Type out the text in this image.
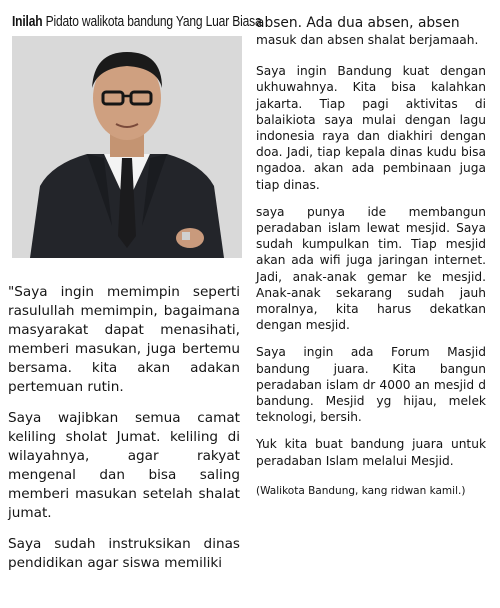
Inilah Pidato walikota bandung Yang Luar Biasa

"Saya ingin memimpin seperti rasulullah memimpin, bagaimana masyarakat dapat menasihati, memberi masukan, juga bertemu bersama. kita akan adakan pertemuan rutin.

Saya wajibkan semua camat keliling sholat Jumat. keliling di wilayahnya, agar rakyat mengenal dan bisa saling memberi masukan setelah shalat jumat.

Saya sudah instruksikan dinas pendidikan agar siswa memiliki

absen. Ada dua absen, absen

masuk dan absen shalat berjamaah.

Saya ingin Bandung kuat dengan ukhuwahnya. Kita bisa kalahkan jakarta. Tiap pagi aktivitas di balaikiota saya mulai dengan lagu indonesia raya dan diakhiri dengan doa. Jadi, tiap kepala dinas kudu bisa ngadoa. akan ada pembinaan juga tiap dinas.

saya punya ide membangun peradaban islam lewat mesjid. Saya sudah kumpulkan tim. Tiap mesjid akan ada wifi juga jaringan internet. Jadi, anak-anak gemar ke mesjid. Anak-anak sekarang sudah jauh moralnya, kita harus dekatkan dengan mesjid.

Saya ingin ada Forum Masjid bandung juara. Kita bangun peradaban islam dr 4000 an mesjid d bandung. Mesjid yg hijau, melek teknologi, bersih.

Yuk kita buat bandung juara untuk peradaban Islam melalui Mesjid.

(Walikota Bandung, kang ridwan kamil.)
